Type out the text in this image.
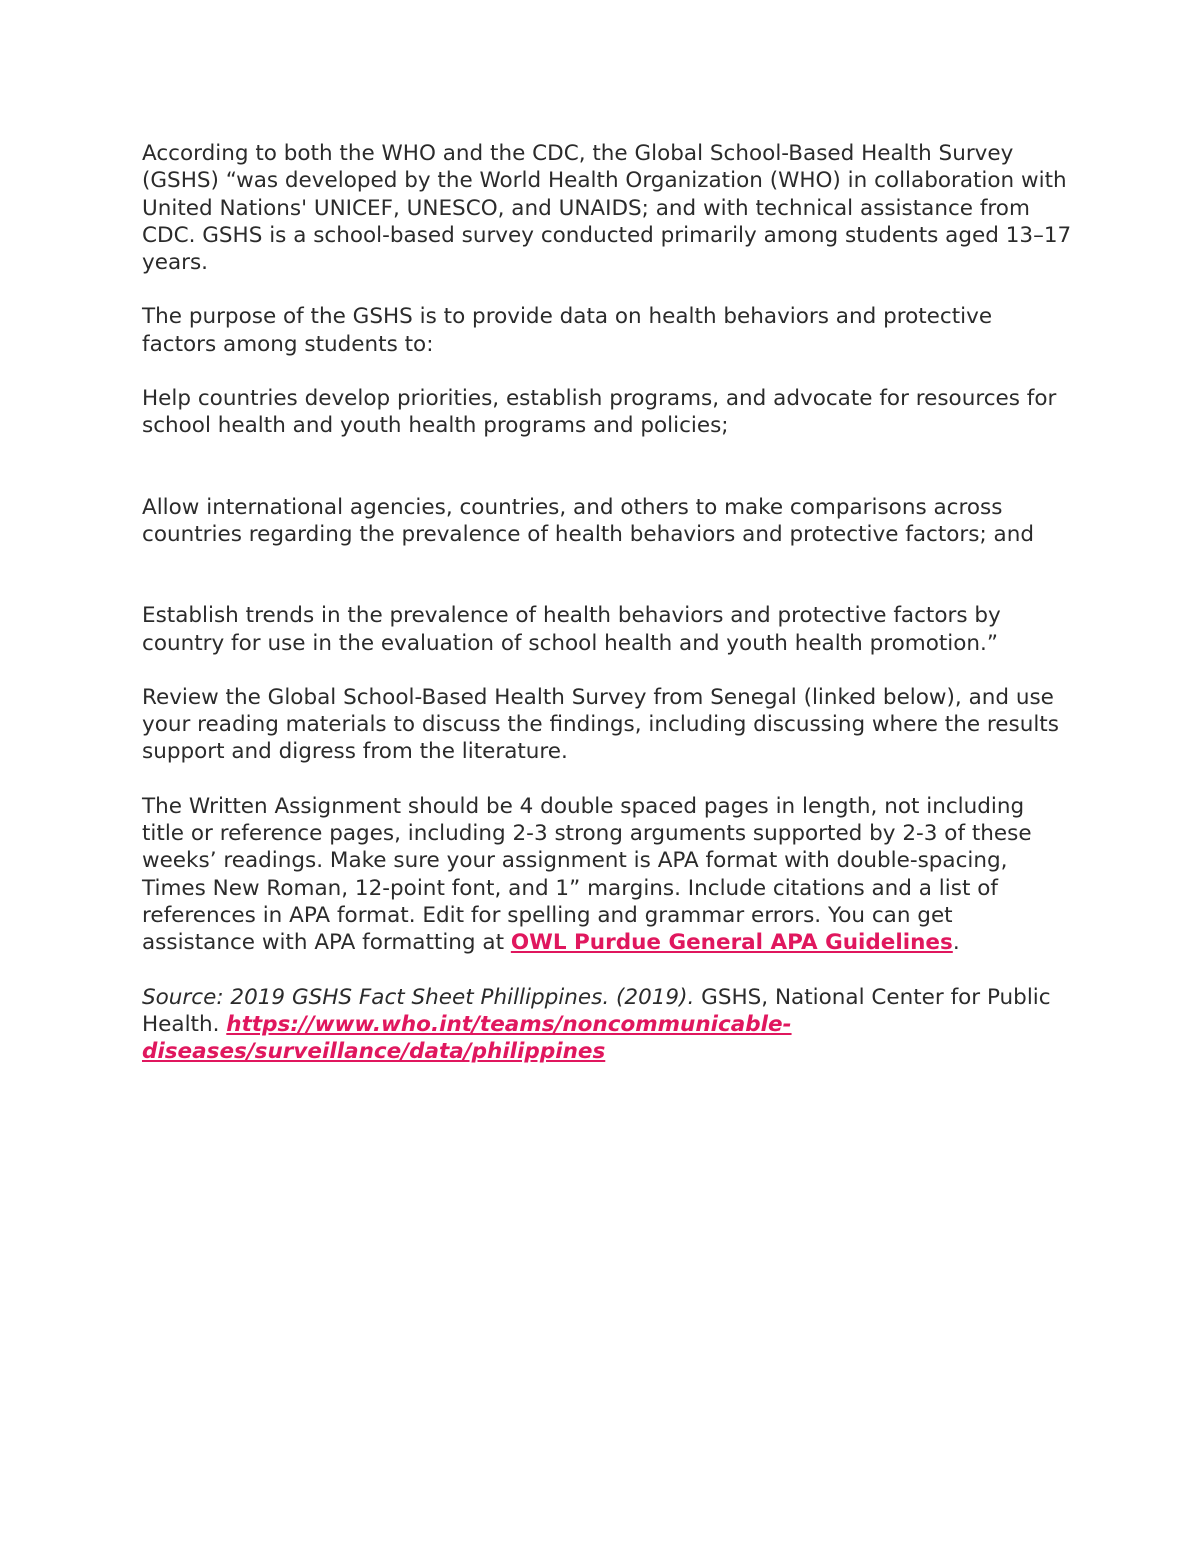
According to both the WHO and the CDC, the Global School-Based Health Survey (GSHS) “was developed by the World Health Organization (WHO) in collaboration with United Nations' UNICEF, UNESCO, and UNAIDS; and with technical assistance from CDC. GSHS is a school-based survey conducted primarily among students aged 13–17 years.

The purpose of the GSHS is to provide data on health behaviors and protective factors among students to:

Help countries develop priorities, establish programs, and advocate for resources for school health and youth health programs and policies;

Allow international agencies, countries, and others to make comparisons across countries regarding the prevalence of health behaviors and protective factors; and

Establish trends in the prevalence of health behaviors and protective factors by country for use in the evaluation of school health and youth health promotion.”

Review the Global School-Based Health Survey from Senegal (linked below), and use your reading materials to discuss the findings, including discussing where the results support and digress from the literature.

The Written Assignment should be 4 double spaced pages in length, not including title or reference pages, including 2-3 strong arguments supported by 2-3 of these weeks’ readings. Make sure your assignment is APA format with double-spacing, Times New Roman, 12-point font, and 1” margins. Include citations and a list of references in APA format. Edit for spelling and grammar errors. You can get assistance with APA formatting at OWL Purdue General APA Guidelines.

Source: 2019 GSHS Fact Sheet Phillippines. (2019). GSHS, National Center for Public Health. https://www.who.int/teams/noncommunicable-diseases/surveillance/data/philippines
